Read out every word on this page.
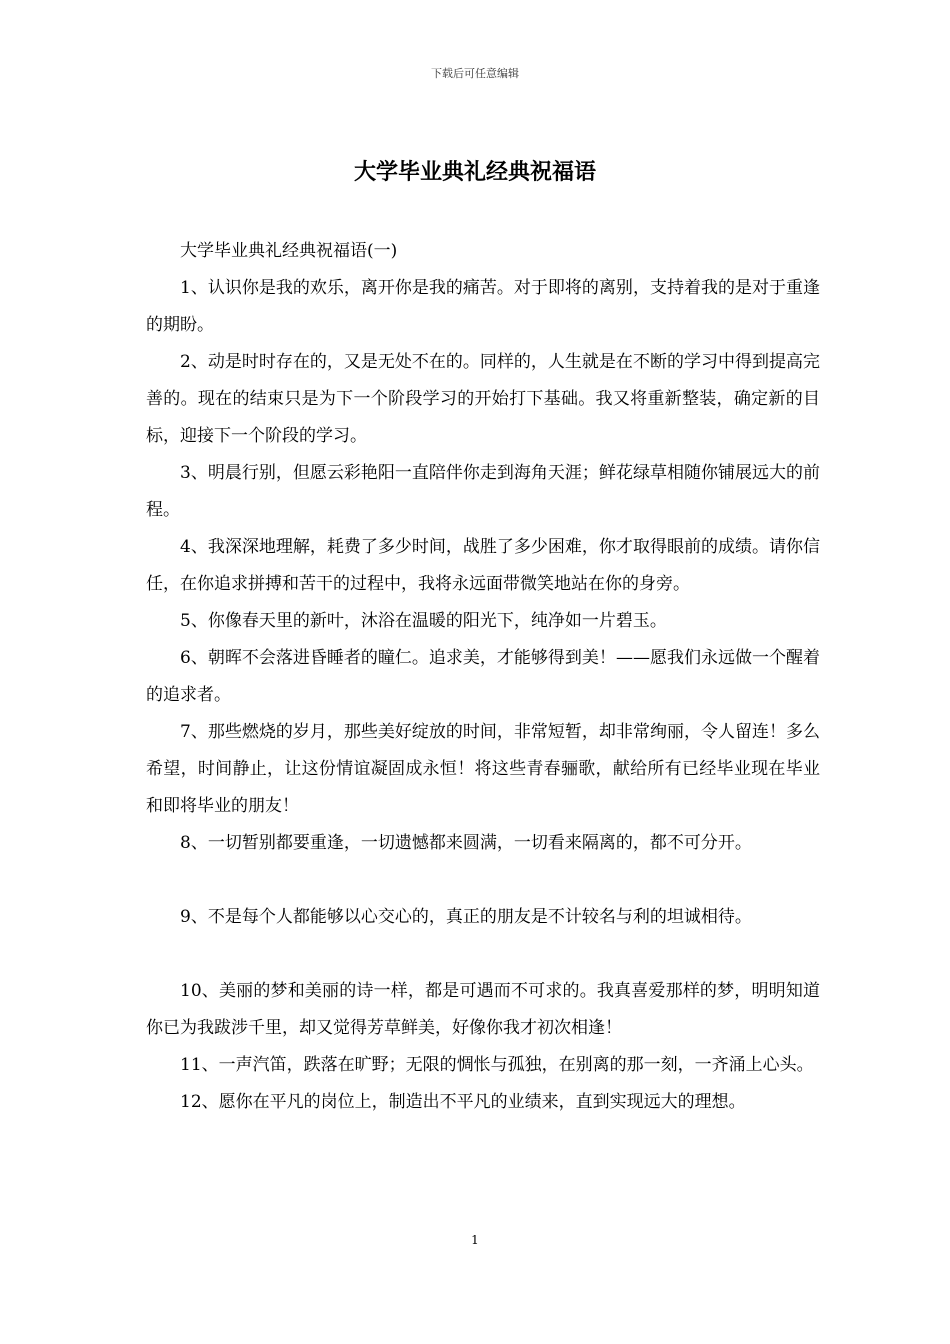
下载后可任意编辑
大学毕业典礼经典祝福语

大学毕业典礼经典祝福语(一)

1、认识你是我的欢乐，离开你是我的痛苦。对于即将的离别，支持着我的是对于重逢的期盼。

2、动是时时存在的，又是无处不在的。同样的，人生就是在不断的学习中得到提高完善的。现在的结束只是为下一个阶段学习的开始打下基础。我又将重新整装，确定新的目标，迎接下一个阶段的学习。

3、明晨行别，但愿云彩艳阳一直陪伴你走到海角天涯；鲜花绿草相随你铺展远大的前程。

4、我深深地理解，耗费了多少时间，战胜了多少困难，你才取得眼前的成绩。请你信任，在你追求拼搏和苦干的过程中，我将永远面带微笑地站在你的身旁。

5、你像春天里的新叶，沐浴在温暖的阳光下，纯净如一片碧玉。

6、朝晖不会落进昏睡者的瞳仁。追求美，才能够得到美！——愿我们永远做一个醒着的追求者。

7、那些燃烧的岁月，那些美好绽放的时间，非常短暂，却非常绚丽，令人留连！多么希望，时间静止，让这份情谊凝固成永恒！将这些青春骊歌，献给所有已经毕业现在毕业和即将毕业的朋友！

8、一切暂别都要重逢，一切遗憾都来圆满，一切看来隔离的，都不可分开。

9、不是每个人都能够以心交心的，真正的朋友是不计较名与利的坦诚相待。

10、美丽的梦和美丽的诗一样，都是可遇而不可求的。我真喜爱那样的梦，明明知道你已为我跋涉千里，却又觉得芳草鲜美，好像你我才初次相逢！

11、一声汽笛，跌落在旷野；无限的惆怅与孤独，在别离的那一刻，一齐涌上心头。

12、愿你在平凡的岗位上，制造出不平凡的业绩来，直到实现远大的理想。

1
